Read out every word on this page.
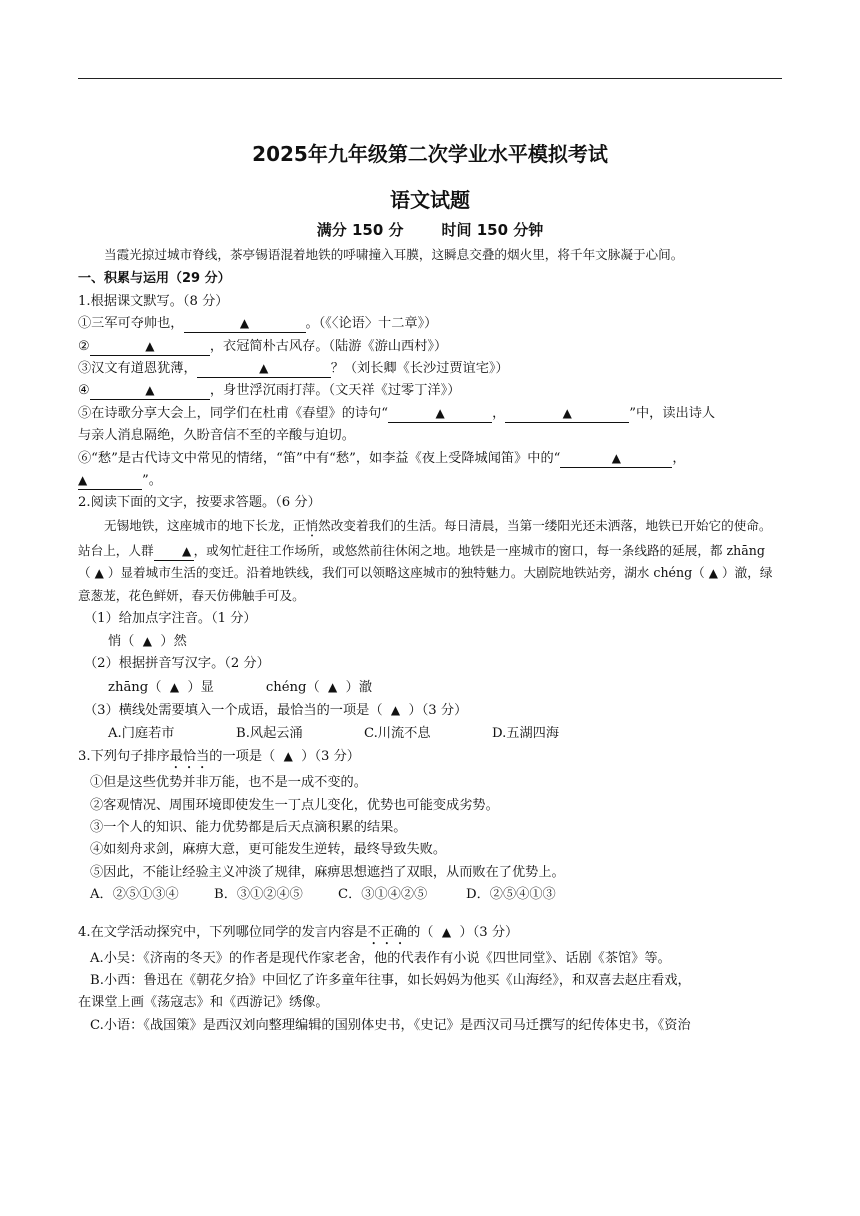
2025年九年级第二次学业水平模拟考试
语文试题
满分 150 分	时间 150 分钟

当霞光掠过城市脊线，茶亭锡语混着地铁的呼啸撞入耳膜，这瞬息交叠的烟火里，将千年文脉凝于心间。

一、积累与运用（29 分）

1.根据课文默写。（8 分）

①三军可夺帅也，	▲	。（《〈论语〉十二章》）

②	▲	，衣冠简朴古风存。（陆游《游山西村》）

③汉文有道恩犹薄，	▲	？（刘长卿《长沙过贾谊宅》）

④	▲	，身世浮沉雨打萍。（文天祥《过零丁洋》）

⑤在诗歌分享大会上，同学们在杜甫《春望》的诗句“	▲	，	▲	”中，读出诗人

与亲人消息隔绝，久盼音信不至的辛酸与迫切。

⑥“愁”是古代诗文中常见的情绪，“笛”中有“愁”，如李益《夜上受降城闻笛》中的“	▲	，

▲	”。

2.阅读下面的文字，按要求答题。（6 分）

无锡地铁，这座城市的地下长龙，正悄然改变着我们的生活。每日清晨，当第一缕阳光还未洒落，地铁已开始它的使命。站台上，人群 ▲ ，或匆忙赶往工作场所，或悠然前往休闲之地。地铁是一座城市的窗口，每一条线路的延展，都 zhāng（ ▲ ）显着城市生活的变迁。沿着地铁线，我们可以领略这座城市的独特魅力。大剧院地铁站旁，湖水 chéng（ ▲ ）澈，绿意葱茏，花色鲜妍，春天仿佛触手可及。

（1）给加点字注音。（1 分）

悄（ ▲ ）然

（2）根据拼音写汉字。（2 分）

zhāng（ ▲ ）显	chéng（ ▲ ）澈

（3）横线处需要填入一个成语，最恰当的一项是（ ▲ ）（3 分）

A.门庭若市	B.风起云涌	C.川流不息	D.五湖四海

3.下列句子排序最恰当的一项是（ ▲ ）（3 分）

①但是这些优势并非万能，也不是一成不变的。

②客观情况、周围环境即使发生一丁点儿变化，优势也可能变成劣势。

③一个人的知识、能力优势都是后天点滴积累的结果。

④如刻舟求剑，麻痹大意，更可能发生逆转，最终导致失败。

⑤因此，不能让经验主义冲淡了规律，麻痹思想遮挡了双眼，从而败在了优势上。

A．②⑤①③④	B．③①②④⑤	C．③①④②⑤	D．②⑤④①③

4.在文学活动探究中，下列哪位同学的发言内容是不正确的（ ▲ ）（3 分）

A.小吴：《济南的冬天》的作者是现代作家老舍，他的代表作有小说《四世同堂》、话剧《茶馆》等。

B.小西：鲁迅在《朝花夕拾》中回忆了许多童年往事，如长妈妈为他买《山海经》，和双喜去赵庄看戏，

在课堂上画《荡寇志》和《西游记》绣像。

C.小语：《战国策》是西汉刘向整理编辑的国别体史书，《史记》是西汉司马迁撰写的纪传体史书，《资治
